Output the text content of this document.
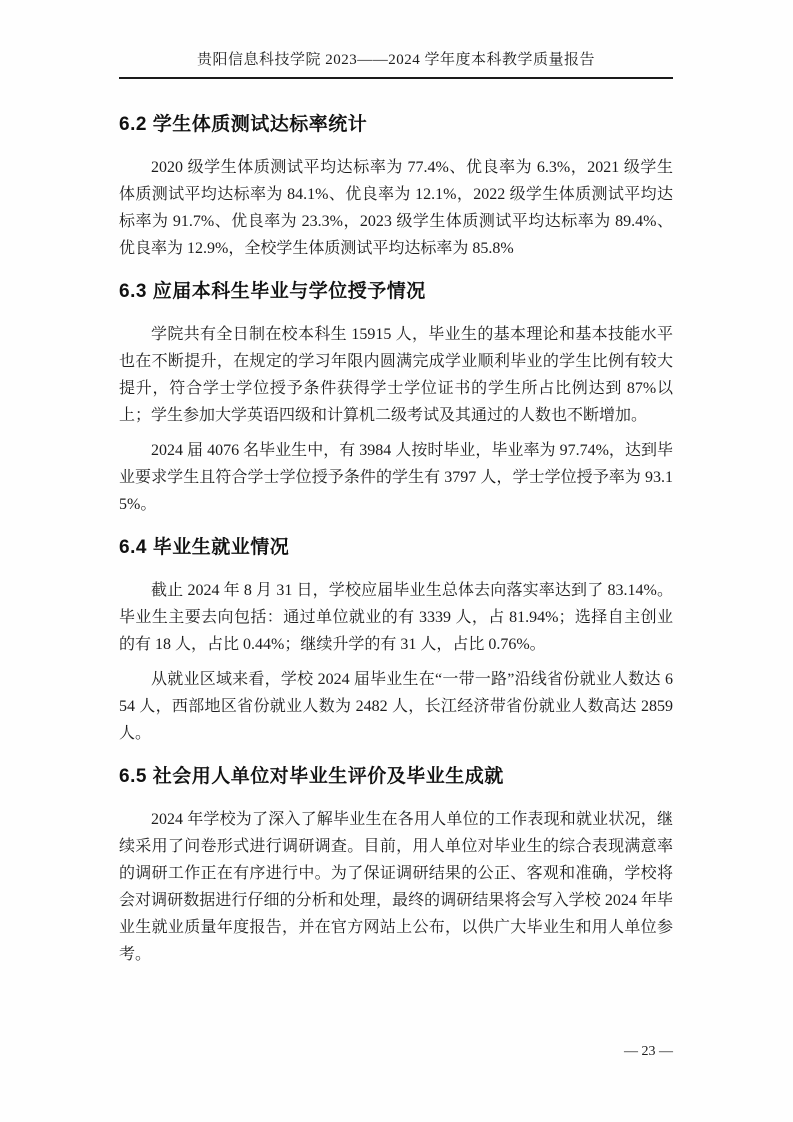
贵阳信息科技学院 2023——2024 学年度本科教学质量报告
6.2 学生体质测试达标率统计

2020 级学生体质测试平均达标率为 77.4%、优良率为 6.3%，2021 级学生体质测试平均达标率为 84.1%、优良率为 12.1%，2022 级学生体质测试平均达标率为 91.7%、优良率为 23.3%，2023 级学生体质测试平均达标率为 89.4%、优良率为 12.9%，全校学生体质测试平均达标率为 85.8%

6.3 应届本科生毕业与学位授予情况

学院共有全日制在校本科生 15915 人，毕业生的基本理论和基本技能水平也在不断提升，在规定的学习年限内圆满完成学业顺利毕业的学生比例有较大提升，符合学士学位授予条件获得学士学位证书的学生所占比例达到 87%以上；学生参加大学英语四级和计算机二级考试及其通过的人数也不断增加。

2024 届 4076 名毕业生中，有 3984 人按时毕业，毕业率为 97.74%，达到毕业要求学生且符合学士学位授予条件的学生有 3797 人，学士学位授予率为 93.15%。

6.4 毕业生就业情况

截止 2024 年 8 月 31 日，学校应届毕业生总体去向落实率达到了 83.14%。毕业生主要去向包括：通过单位就业的有 3339 人，占 81.94%；选择自主创业的有 18 人，占比 0.44%；继续升学的有 31 人，占比 0.76%。

从就业区域来看，学校 2024 届毕业生在“一带一路”沿线省份就业人数达 654 人，西部地区省份就业人数为 2482 人，长江经济带省份就业人数高达 2859 人。

6.5 社会用人单位对毕业生评价及毕业生成就

2024 年学校为了深入了解毕业生在各用人单位的工作表现和就业状况，继续采用了问卷形式进行调研调查。目前，用人单位对毕业生的综合表现满意率的调研工作正在有序进行中。为了保证调研结果的公正、客观和准确，学校将会对调研数据进行仔细的分析和处理，最终的调研结果将会写入学校 2024 年毕业生就业质量年度报告，并在官方网站上公布，以供广大毕业生和用人单位参考。

— 23 —
